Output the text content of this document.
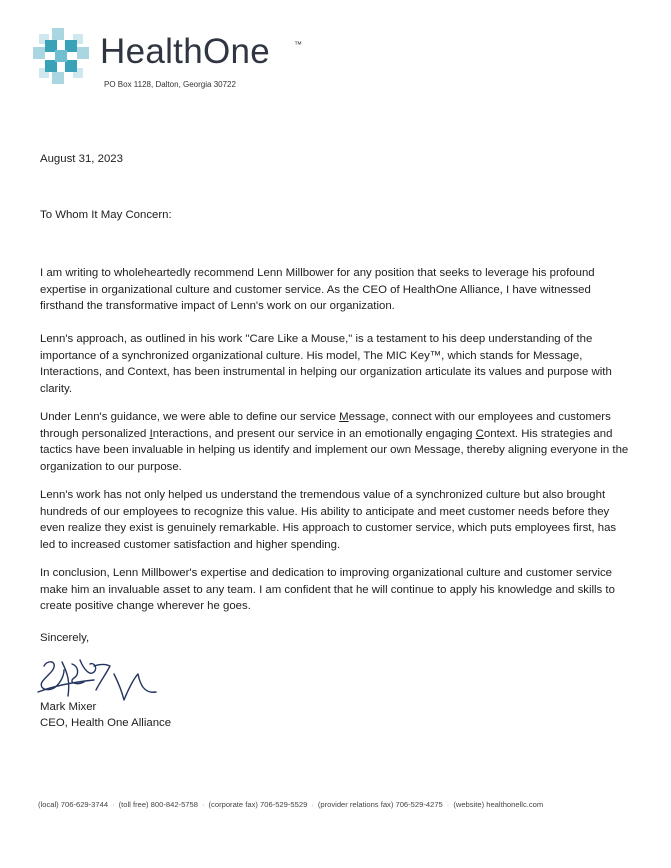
HealthOne	™
PO Box 1128, Dalton, Georgia 30722

August 31, 2023

To Whom It May Concern:

I am writing to wholeheartedly recommend Lenn Millbower for any position that seeks to leverage his profound expertise in organizational culture and customer service. As the CEO of HealthOne Alliance, I have witnessed firsthand the transformative impact of Lenn's work on our organization.

Lenn's approach, as outlined in his work "Care Like a Mouse," is a testament to his deep understanding of the importance of a synchronized organizational culture. His model, The MIC Key™, which stands for Message, Interactions, and Context, has been instrumental in helping our organization articulate its values and purpose with clarity.

Under Lenn's guidance, we were able to define our service Message, connect with our employees and customers through personalized Interactions, and present our service in an emotionally engaging Context. His strategies and tactics have been invaluable in helping us identify and implement our own Message, thereby aligning everyone in the organization to our purpose.

Lenn's work has not only helped us understand the tremendous value of a synchronized culture but also brought hundreds of our employees to recognize this value. His ability to anticipate and meet customer needs before they even realize they exist is genuinely remarkable. His approach to customer service, which puts employees first, has led to increased customer satisfaction and higher spending.

In conclusion, Lenn Millbower's expertise and dedication to improving organizational culture and customer service make him an invaluable asset to any team. I am confident that he will continue to apply his knowledge and skills to create positive change wherever he goes.

Sincerely,

Mark Mixer

CEO, Health One Alliance

(local) 706-629-3744 · (toll free) 800-842-5758 · (corporate fax) 706-529-5529 · (provider relations fax) 706-529-4275 · (website) healthonellc.com
